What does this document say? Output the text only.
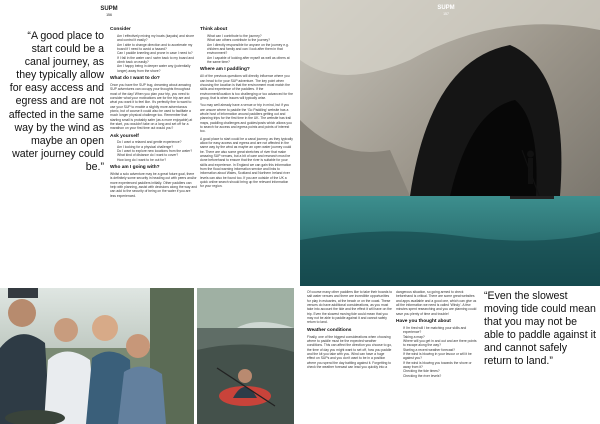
SUPM
156
“A good place to start could be a canal journey, as they typically allow for easy access and egress and are not affected in the same way by the wind as maybe an open water journey could be.”
Consider
• Am I effectively mixing my boats (kayaks) and shore and control it easily?
• Am I able to change direction and to accelerate my board if I need to avoid a hazard?
• Can I paddle kneeling and prone in case I need to?
• If I fall in the water can I swim back to my board and climb back on easily?
• Am I happy being in deeper water any (potentially longer) away from the shore?
What do I want to do?

Once you have the SUP bug, dreaming about amazing SUP adventures can occupy your thoughts throughout most of the day! When you plan your trip, you need to consider what your motivations are for the trip are and what you want it to feel like. It's perfectly fine to want to use your SUP to enable a slightly more adventurous picnic, but of course it could also be used to facilitate a much longer physical challenge too. Remember that starting small is probably safer (as a more enjoyable) at the start, you wouldn't take on a long and set off for a marathon on your first time out would you?

Ask yourself
• Do I want a relaxed and gentle experience?
• Am I looking for a physical challenge?
• Do I want to explore new locations from the water?
• What kind of distance do I want to cover?
• How long do I want to be out for?
Who am I going with?

Whilst a solo adventure may be a great future goal, there is definitely some security in heading out with peers and/or more experienced paddlers initially. Other paddlers can help with planning, assist with decisions along the way and can add to the security of being on the water if you are less experienced.

Think about
• What can I contribute to the journey?
• What can others contribute to the journey?
• Am I directly responsible for anyone on the journey e.g. children and family and can I look after them in that environment?
• Am I capable of looking after myself as well as others at the same time?
Where am I paddling?

All of the previous questions will directly influence where you can head to for your SUP adventure. The key point when choosing the location is that the environment must match the skills and experience of the paddlers. If the environment/location is too challenging or too advanced for the group, that is when issues will typically arise.

You may well already have a venue or trip in mind, but if you are unsure where to paddle the ‘Go Paddling’ website has a whole host of information around paddlers getting out and planning trips for the first time in the UK. The website has trail maps, paddling challenges and guides/posts which allows you to search for access and egress points and points of interest too.

A good place to start could be a canal journey, as they typically allow for easy access and egress and are not affected in the same way by the wind as maybe an open water journey could be. There are also some great stretches of river that make amazing SUP venues, but a bit of care and research must be done beforehand to ensure that the river is suitable for your skills and experience. In England we can gain this information from the flood warning information service and links to information about Wales, Scotland and Northern Ireland river levels can also be found too. If you are outside of the UK a quick online search should bring up the relevant information for your region.

SUPM
157

Of course many other paddlers like to take their boards to salt water venues and there are incredible opportunities for play in estuaries, at the beach or on the coast. These venues do have additional considerations, as you must take into account the tide and the effect it will have on the trip. Even the slowest moving tide could mean that you may not be able to paddle against it and cannot safely return to land.

Weather conditions

Finally, one of the biggest considerations when choosing where to paddle must be the expected weather conditions. This can affect the direction you choose to go, the time of day you might want to set off, how you paddle and the kit you take with you. Wind can have a huge effect on SUPs and you don't want to be in a position where you spend the day battling against it. Forgetting to check the weather forecast can lead you quickly into a

dangerous situation, so going armed to check beforehand is critical. There are some great websites and apps available and a good one, which can give us all the information we need is called ‘Windy’. A few minutes spent researching and you are planning could save you plenty of time and trouble!

Have you thought about
• If I'm tired will I be matching your skills and experience?
• Taking a map?
• Where will you get in and out and are there points to escape along the way?
• Starting a recent weather forecast?
• If the wind is blowing in your favour or will it be against you?
• If the wind is blowing you towards the shore or away from it?
• Checking the tide times?
• Checking the river levels?
“Even the slowest moving tide could mean that you may not be able to paddle against it and cannot safely return to land.”
